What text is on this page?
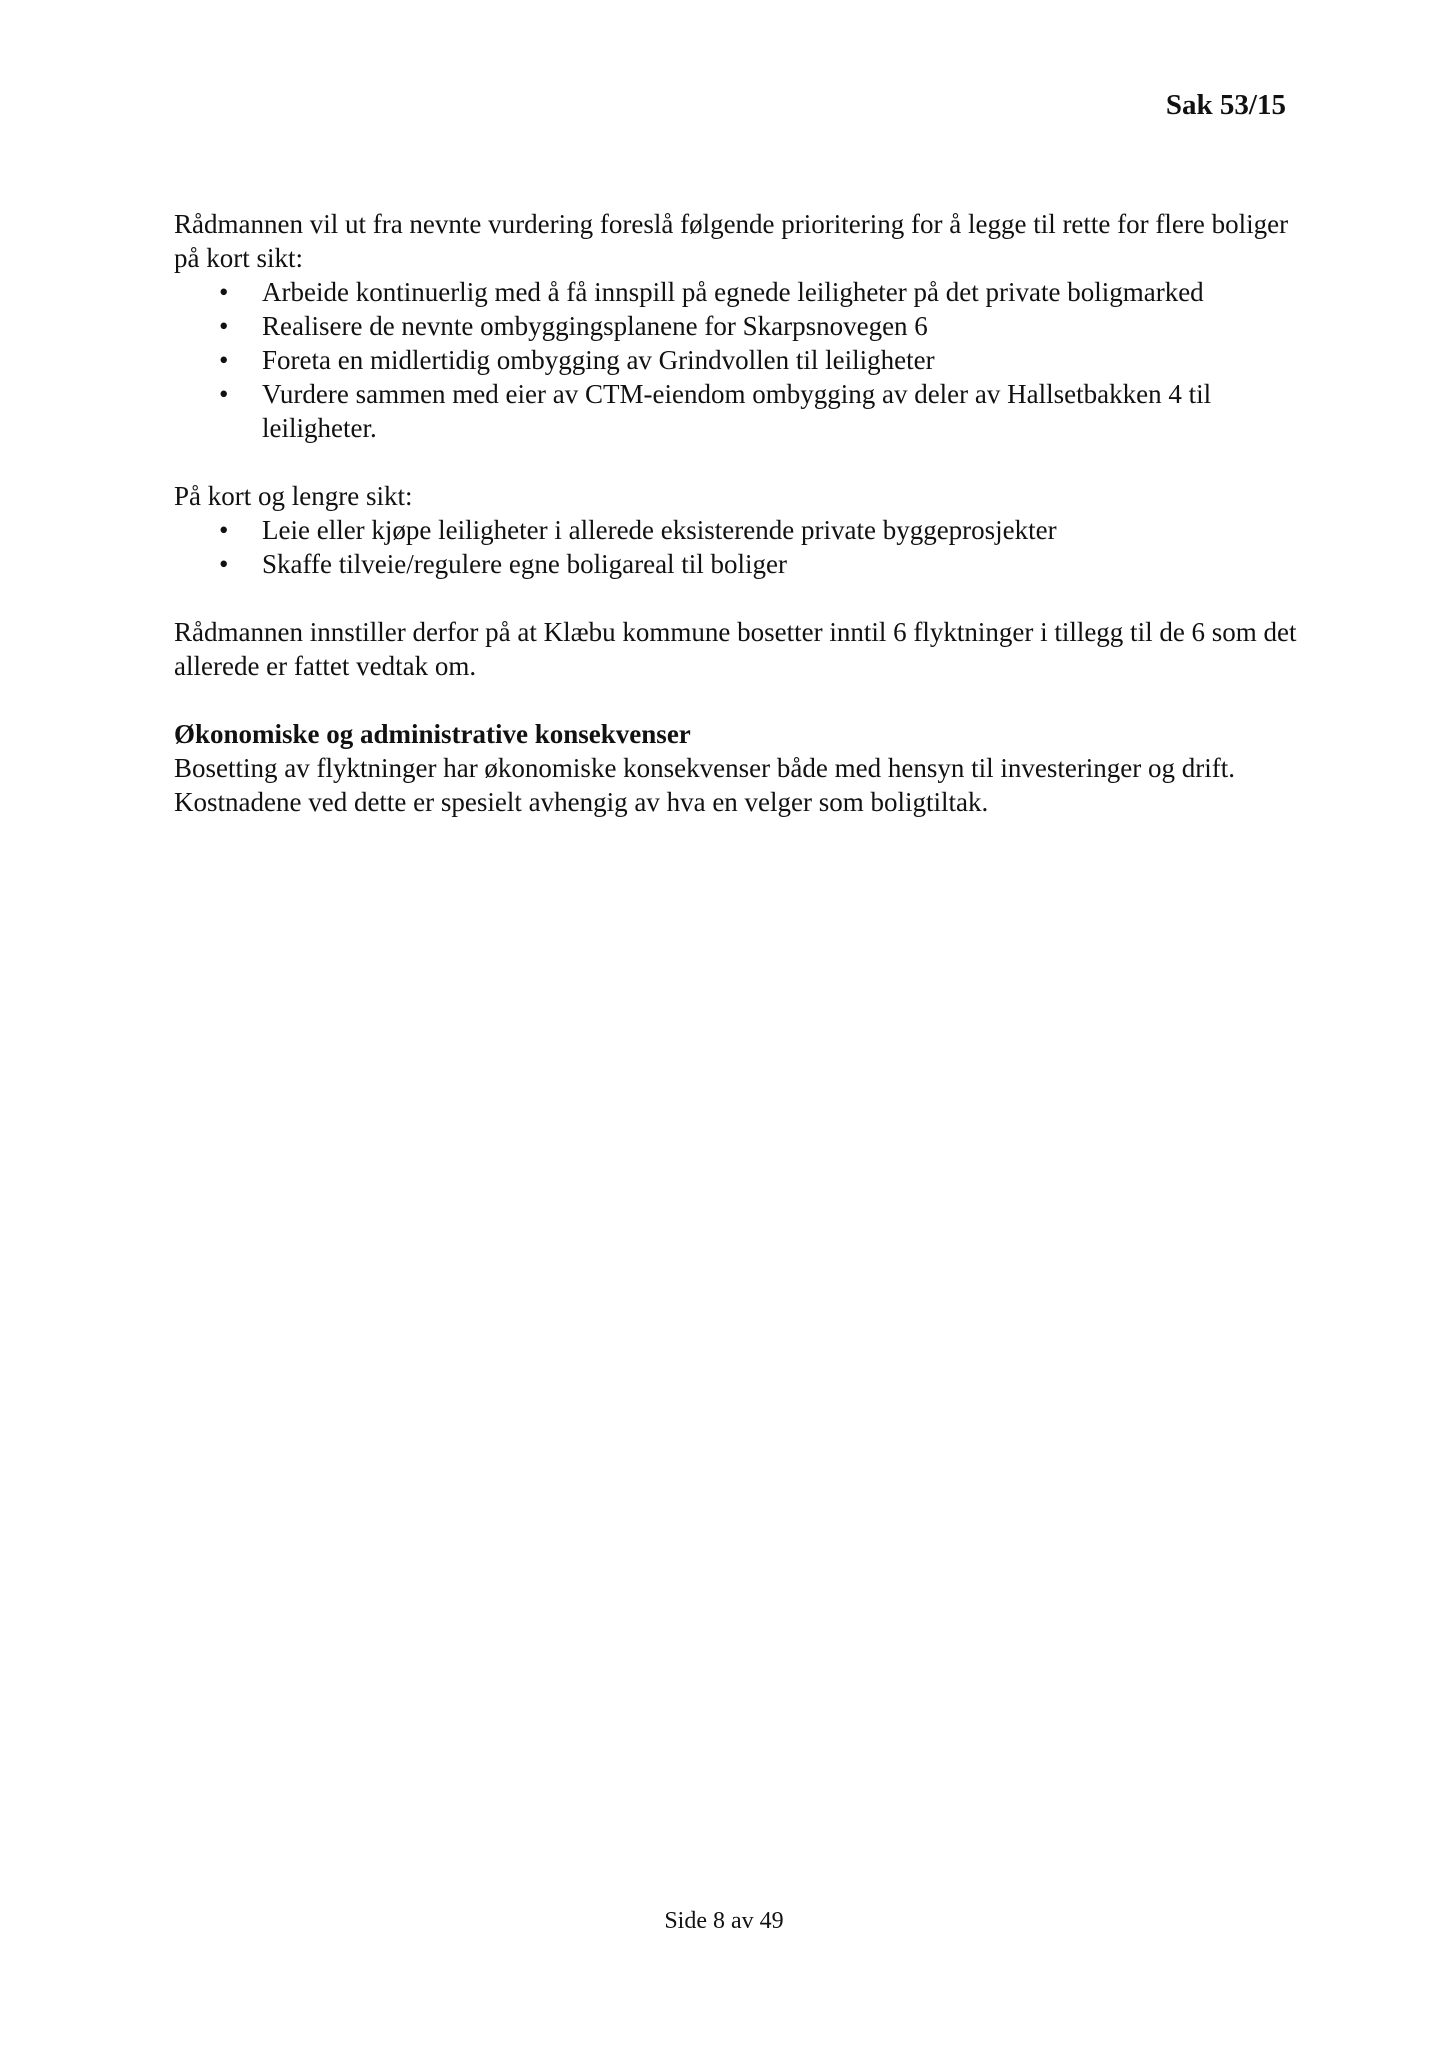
Sak 53/15

Rådmannen vil ut fra nevnte vurdering foreslå følgende prioritering for å legge til rette for flere boliger på kort sikt:

• Arbeide kontinuerlig med å få innspill på egnede leiligheter på det private boligmarked
• Realisere de nevnte ombyggingsplanene for Skarpsnovegen 6
• Foreta en midlertidig ombygging av Grindvollen til leiligheter
• Vurdere sammen med eier av CTM-eiendom ombygging av deler av Hallsetbakken 4 til leiligheter.

På kort og lengre sikt:

• Leie eller kjøpe leiligheter i allerede eksisterende private byggeprosjekter
• Skaffe tilveie/regulere egne boligareal til boliger

Rådmannen innstiller derfor på at Klæbu kommune bosetter inntil 6 flyktninger i tillegg til de 6 som det allerede er fattet vedtak om.

Økonomiske og administrative konsekvenser

Bosetting av flyktninger har økonomiske konsekvenser både med hensyn til investeringer og drift. Kostnadene ved dette er spesielt avhengig av hva en velger som boligtiltak.

Side 8 av 49
